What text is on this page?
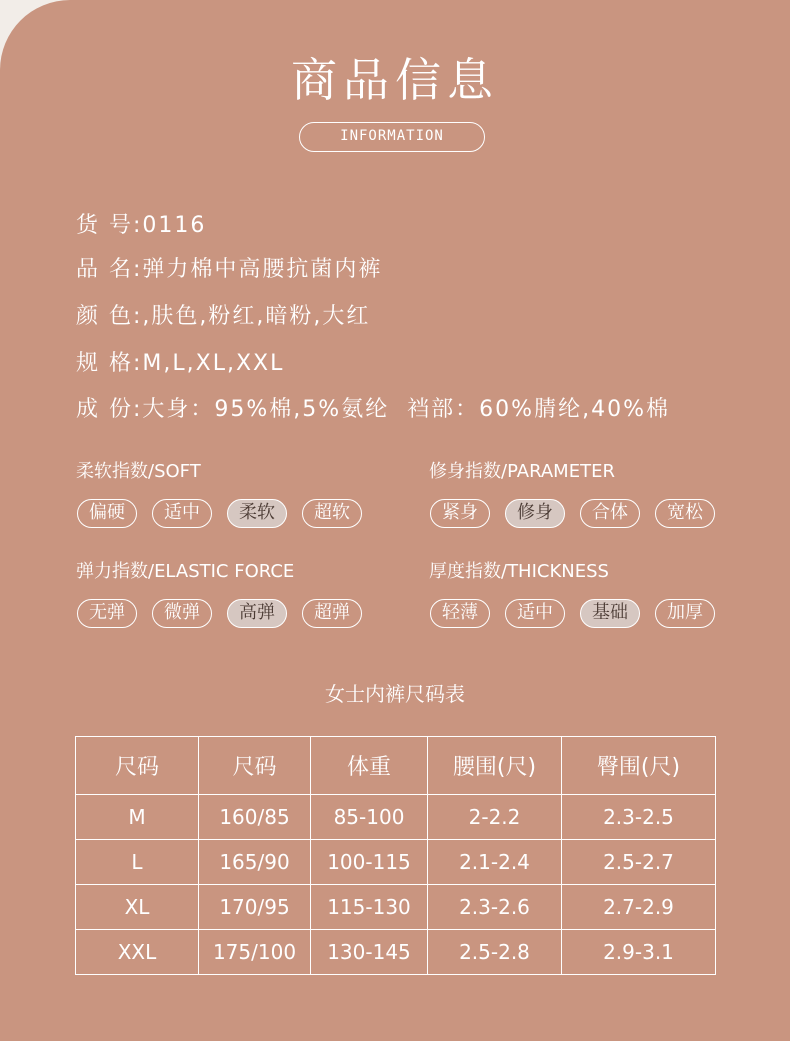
商品信息
INFORMATION
货 号:0116
品 名:弹力棉中高腰抗菌内裤
颜 色:,肤色,粉红,暗粉,大红
规 格:M,L,XL,XXL
成 份:大身：95%棉,5%氨纶  裆部：60%腈纶,40%棉
柔软指数/SOFT
偏硬	适中	柔软	超软
修身指数/PARAMETER
紧身	修身	合体	宽松
弹力指数/ELASTIC FORCE
无弹	微弹	高弹	超弹
厚度指数/THICKNESS
轻薄	适中	基础	加厚
女士内裤尺码表
尺码	尺码	体重	腰围(尺)	臀围(尺)
M	160/85	85-100	2-2.2	2.3-2.5
L	165/90	100-115	2.1-2.4	2.5-2.7
XL	170/95	115-130	2.3-2.6	2.7-2.9
XXL	175/100	130-145	2.5-2.8	2.9-3.1
